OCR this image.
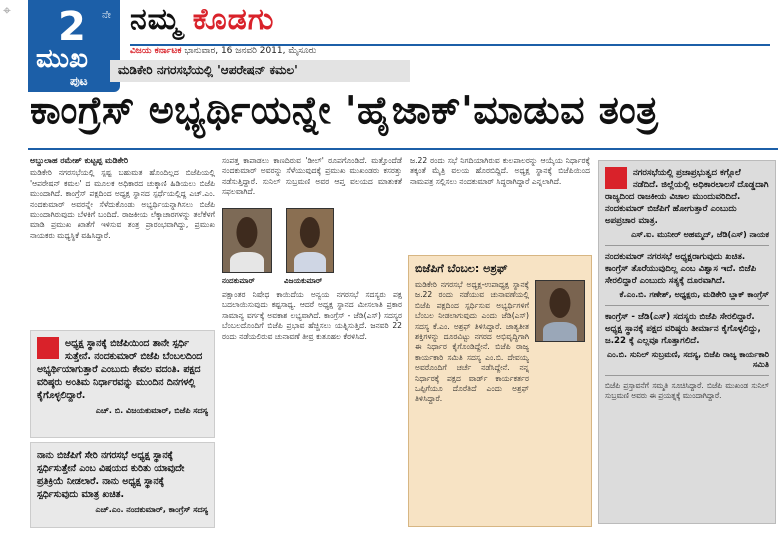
⌖ 2 ನೇ
ಮುಖ
ಪುಟ
ನಮ್ಮ ಕೊಡಗು
ವಿಜಯ ಕರ್ನಾಟಕ ಭಾನುವಾರ, 16 ಜನವರಿ 2011, ಮೈಸೂರು
ಮಡಿಕೇರಿ ನಗರಸಭೆಯಲ್ಲಿ 'ಆಪರೇಷನ್ ಕಮಲ'
ಕಾಂಗ್ರೆಸ್ ಅಭ್ಯರ್ಥಿಯನ್ನೇ 'ಹೈಜಾಕ್'ಮಾಡುವ ತಂತ್ರ
ಅಬ್ದುಲಾಹ ರಮೇಶ್ ಕುಟ್ಟಪ್ಪ ಮಡಿಕೇರಿ
ಮಡಿಕೇರಿ ನಗರಸಭೆಯಲ್ಲಿ ಸ್ಪಷ್ಟ ಬಹುಮತ ಹೊಂದಿಲ್ಲದ ಬಿಜೆಪಿಯಲ್ಲಿ 'ಆಪರೇಷನ್ ಕಮಲ' ದ ಮೂಲಕ ಅಧಿಕಾರದ ಚುಕ್ಕಾಣಿ ಹಿಡಿಯಲು ಬಿಜೆಪಿ ಮುಂದಾಗಿದೆ. ಕಾಂಗ್ರೆಸ್ ಪಕ್ಷದಿಂದ ಅಧ್ಯಕ್ಷ ಸ್ಥಾನದ ಸ್ಪರ್ಧೆಯಲ್ಲಿದ್ದ ಎಚ್.ಎಂ. ನಂದಕುಮಾರ್ ಅವರನ್ನೇ ಸೆಳೆದುಕೊಂಡು ಅಭ್ಯರ್ಥಿಯನ್ನಾಗಿಸಲು ಬಿಜೆಪಿ ಮುಂದಾಗಿರುವುದು ಬೆಳಕಿಗೆ ಬಂದಿದೆ. ರಾಜಕೀಯ ಲೆಕ್ಕಾಚಾರಗಳನ್ನು ತಲೆಕೆಳಗೆ ಮಾಡಿ ಪ್ರಮುಖ ಖಾತೆಗೆ ಇಳಿಸುವ ತಂತ್ರ ಪ್ರಾರಂಭವಾಗಿದ್ದು, ಪ್ರಮುಖ ನಾಯಕರು ಮಧ್ಯಸ್ಥಿಕೆ ವಹಿಸಿದ್ದಾರೆ.

ಅಧ್ಯಕ್ಷ ಸ್ಥಾನಕ್ಕೆ ಬಿಜೆಪಿಯಿಂದ ತಾನೇ ಸ್ಪರ್ಧಿ ಸುತ್ತೇನೆ. ನಂದಕುಮಾರ್ ಬಿಜೆಪಿ ಬೆಂಬಲದಿಂದ ಅಭ್ಯರ್ಥಿಯಾಗುತ್ತಾರೆ ಎಂಬುದು ಕೇವಲ ವದಂತಿ. ಪಕ್ಷದ ವರಿಷ್ಠರು ಅಂತಿಮ ನಿರ್ಧಾರವನ್ನು ಮುಂದಿನ ದಿನಗಳಲ್ಲಿ ಕೈಗೊಳ್ಳಲಿದ್ದಾರೆ.

ಎಚ್. ಬಿ. ವಿಜಯಕುಮಾರ್, ಬಿಜೆಪಿ ಸದಸ್ಯ

ನಾನು ಬಿಜೆಪಿಗೆ ಸೇರಿ ನಗರಸಭೆ ಅಧ್ಯಕ್ಷ ಸ್ಥಾನಕ್ಕೆ ಸ್ಪರ್ಧಿಸುತ್ತೇನೆ ಎಂಬ ವಿಷಯದ ಕುರಿತು ಯಾವುದೇ ಪ್ರತಿಕ್ರಿಯೆ ನೀಡಲಾರೆ. ನಾನು ಅಧ್ಯಕ್ಷ ಸ್ಥಾನಕ್ಕೆ ಸ್ಪರ್ಧಿಸುವುದು ಮಾತ್ರ ಖಚಿತ.

ಎಚ್.ಎಂ. ನಂದಕುಮಾರ್, ಕಾಂಗ್ರೆಸ್ ಸದಸ್ಯ
ಸಂಪತ್ತ ಕಾಪಾಡಲು ಕಾಣದಿರುವ 'ಡೀಲ್' ರೂಪಗೊಂಡಿದೆ. ಮತ್ತೊಂದೆಡೆ ನಂದಕುಮಾರ್ ಅವರನ್ನು ಸೆಳೆಯುವುದಕ್ಕೆ ಪ್ರಮುಖ ಮುಖಂಡರು ಕಸರತ್ತು ನಡೆಸುತ್ತಿದ್ದಾರೆ. ಸುನಿಲ್ ಸುಬ್ರಮಣಿ ಅವರ ಆಪ್ತ ವಲಯದ ಮಾತುಕತೆ ಸಫಲವಾಗಿದೆ.
ನಂದಕುಮಾರ್	ವಿಜಯಕುಮಾರ್
ಪಕ್ಷಾಂತರ ನಿಷೇಧ ಕಾಯಿದೆಯ ಅನ್ವಯ ನಗರಸಭೆ ಸದಸ್ಯರು ಪಕ್ಷ ಬದಲಾಯಿಸುವುದು ಕಷ್ಟಸಾಧ್ಯ. ಆದರೆ ಅಧ್ಯಕ್ಷ ಸ್ಥಾನದ ಮೀಸಲಾತಿ ಪ್ರಕಾರ ಸಾಮಾನ್ಯ ವರ್ಗಕ್ಕೆ ಅವಕಾಶ ಲಭ್ಯವಾಗಿದೆ. ಕಾಂಗ್ರೆಸ್ - ಜೆಡಿ(ಎಸ್) ಸದಸ್ಯರ ಬೆಂಬಲದೊಂದಿಗೆ ಬಿಜೆಪಿ ಪ್ರಭಾವ ಹೆಚ್ಚಿಸಲು ಯತ್ನಿಸುತ್ತಿದೆ. ಜನವರಿ 22 ರಂದು ನಡೆಯಲಿರುವ ಚುನಾವಣೆ ತೀವ್ರ ಕುತೂಹಲ ಕೆರಳಿಸಿದೆ.
ಜ.22 ರಂದು ಸಭೆ ನಿಗದಿಯಾಗಿರುವ ಕುಲಪಾಲರನ್ನು ಆಯ್ಕೆಯ ನಿರ್ಧಾರಕ್ಕೆ ತಕ್ಕಂತೆ ಮೈತ್ರಿ ವಲಯ ಹೊರಬಿದ್ದಿದೆ. ಅಧ್ಯಕ್ಷ ಸ್ಥಾನಕ್ಕೆ ಬಿಜೆಪಿಯಿಂದ ನಾಮಪತ್ರ ಸಲ್ಲಿಸಲು ನಂದಕುಮಾರ್ ಸಿದ್ಧರಾಗಿದ್ದಾರೆ ಎನ್ನಲಾಗಿದೆ.
ಬಿಜೆಪಿಗೆ ಬೆಂಬಲ: ಅಶ್ರಫ್
ಮಡಿಕೇರಿ ನಗರಸಭೆ ಅಧ್ಯಕ್ಷ-ಉಪಾಧ್ಯಕ್ಷ ಸ್ಥಾನಕ್ಕೆ ಜ.22 ರಂದು ನಡೆಯುವ ಚುನಾವಣೆಯಲ್ಲಿ ಬಿಜೆಪಿ ಪಕ್ಷದಿಂದ ಸ್ಪರ್ಧಿಸುವ ಅಭ್ಯರ್ಥಿಗಳಿಗೆ ಬೆಂಬಲ ನೀಡಲಾಗುವುದು ಎಂದು ಜೆಡಿ(ಎಸ್) ಸದಸ್ಯ ಕೆ.ಎಂ. ಅಶ್ರಫ್ ತಿಳಿಸಿದ್ದಾರೆ. ಜಾತ್ಯತೀತ ಶಕ್ತಿಗಳನ್ನು ದೂರವಿಟ್ಟು ನಗರದ ಅಭಿವೃದ್ಧಿಗಾಗಿ ಈ ನಿರ್ಧಾರ ಕೈಗೊಂಡಿದ್ದೇನೆ. ಬಿಜೆಪಿ ರಾಜ್ಯ ಕಾರ್ಯಕಾರಿ ಸಮಿತಿ ಸದಸ್ಯ ಎಂ.ಬಿ. ದೇವಯ್ಯ ಅವರೊಂದಿಗೆ ಚರ್ಚೆ ನಡೆಸಿದ್ದೇನೆ. ನನ್ನ ನಿರ್ಧಾರಕ್ಕೆ ಪಕ್ಷದ ವಾರ್ಡ್ ಕಾರ್ಯಕರ್ತರ ಒಪ್ಪಿಗೆಯೂ ದೊರೆತಿದೆ ಎಂದು ಅಶ್ರಫ್ ತಿಳಿಸಿದ್ದಾರೆ.

ನಗರಸಭೆಯಲ್ಲಿ ಪ್ರಜಾಪ್ರಭುತ್ವದ ಕಗ್ಗೊಲೆ ನಡೆದಿದೆ. ಜಿಲ್ಲೆಯಲ್ಲಿ ಅಧಿಕಾರಲಾಲಸೆ ದೊಡ್ಡದಾಗಿ ರಾಜ್ಯದಿಂದ ರಾಜಕೀಯ ವಿಚಾಲ ಮುಂದುವರಿದಿದೆ. ನಂದಕುಮಾರ್ ಬಿಜೆಪಿಗೆ ಹೋಗುತ್ತಾರೆ ಎಂಬುದು ಅಪಪ್ರಚಾರ ಮಾತ್ರ.

ಎಸ್.ಐ. ಮುನೀರ್ ಅಹಮ್ಮದ್, ಜೆಡಿ(ಎಸ್) ನಾಯಕ

ನಂದಕುಮಾರ್ ನಗರಸಭೆ ಅಧ್ಯಕ್ಷರಾಗುವುದು ಖಚಿತ. ಕಾಂಗ್ರೆಸ್ ತೊರೆಯುವುದಿಲ್ಲ ಎಂಬ ವಿಶ್ವಾಸ ಇದೆ. ಬಿಜೆಪಿ ಸೇರಲಿದ್ದಾರೆ ಎಂಬುದು ಸತ್ಯಕ್ಕೆ ದೂರವಾಗಿದೆ.

ಕೆ.ಎಂ.ಬಿ. ಗಣೇಶ್, ಅಧ್ಯಕ್ಷರು, ಮಡಿಕೇರಿ ಬ್ಲಾಕ್ ಕಾಂಗ್ರೆಸ್

ಕಾಂಗ್ರೆಸ್ - ಜೆಡಿ(ಎಸ್) ಸದಸ್ಯರು ಬಿಜೆಪಿ ಸೇರಲಿದ್ದಾರೆ. ಅಧ್ಯಕ್ಷ ಸ್ಥಾನಕ್ಕೆ ಪಕ್ಷದ ವರಿಷ್ಠರು ತೀರ್ಮಾನ ಕೈಗೊಳ್ಳಲಿದ್ದು, ಜ.22 ಕ್ಕೆ ಎಲ್ಲವೂ ಗೊತ್ತಾಗಲಿದೆ.

ಎಂ.ಬಿ. ಸುನಿಲ್ ಸುಬ್ರಮಣಿ, ಸದಸ್ಯ, ಬಿಜೆಪಿ ರಾಜ್ಯ ಕಾರ್ಯಕಾರಿ ಸಮಿತಿ
ಬಿಜೆಪಿ ಪ್ರಸ್ತಾವನೆಗೆ ಸಮ್ಮತಿ ಸೂಚಿಸಿದ್ದಾರೆ. ಬಿಜೆಪಿ ಮುಖಂಡ ಸುನಿಲ್ ಸುಬ್ರಮಣಿ ಅವರು ಈ ಪ್ರಯತ್ನಕ್ಕೆ ಮುಂದಾಗಿದ್ದಾರೆ.
